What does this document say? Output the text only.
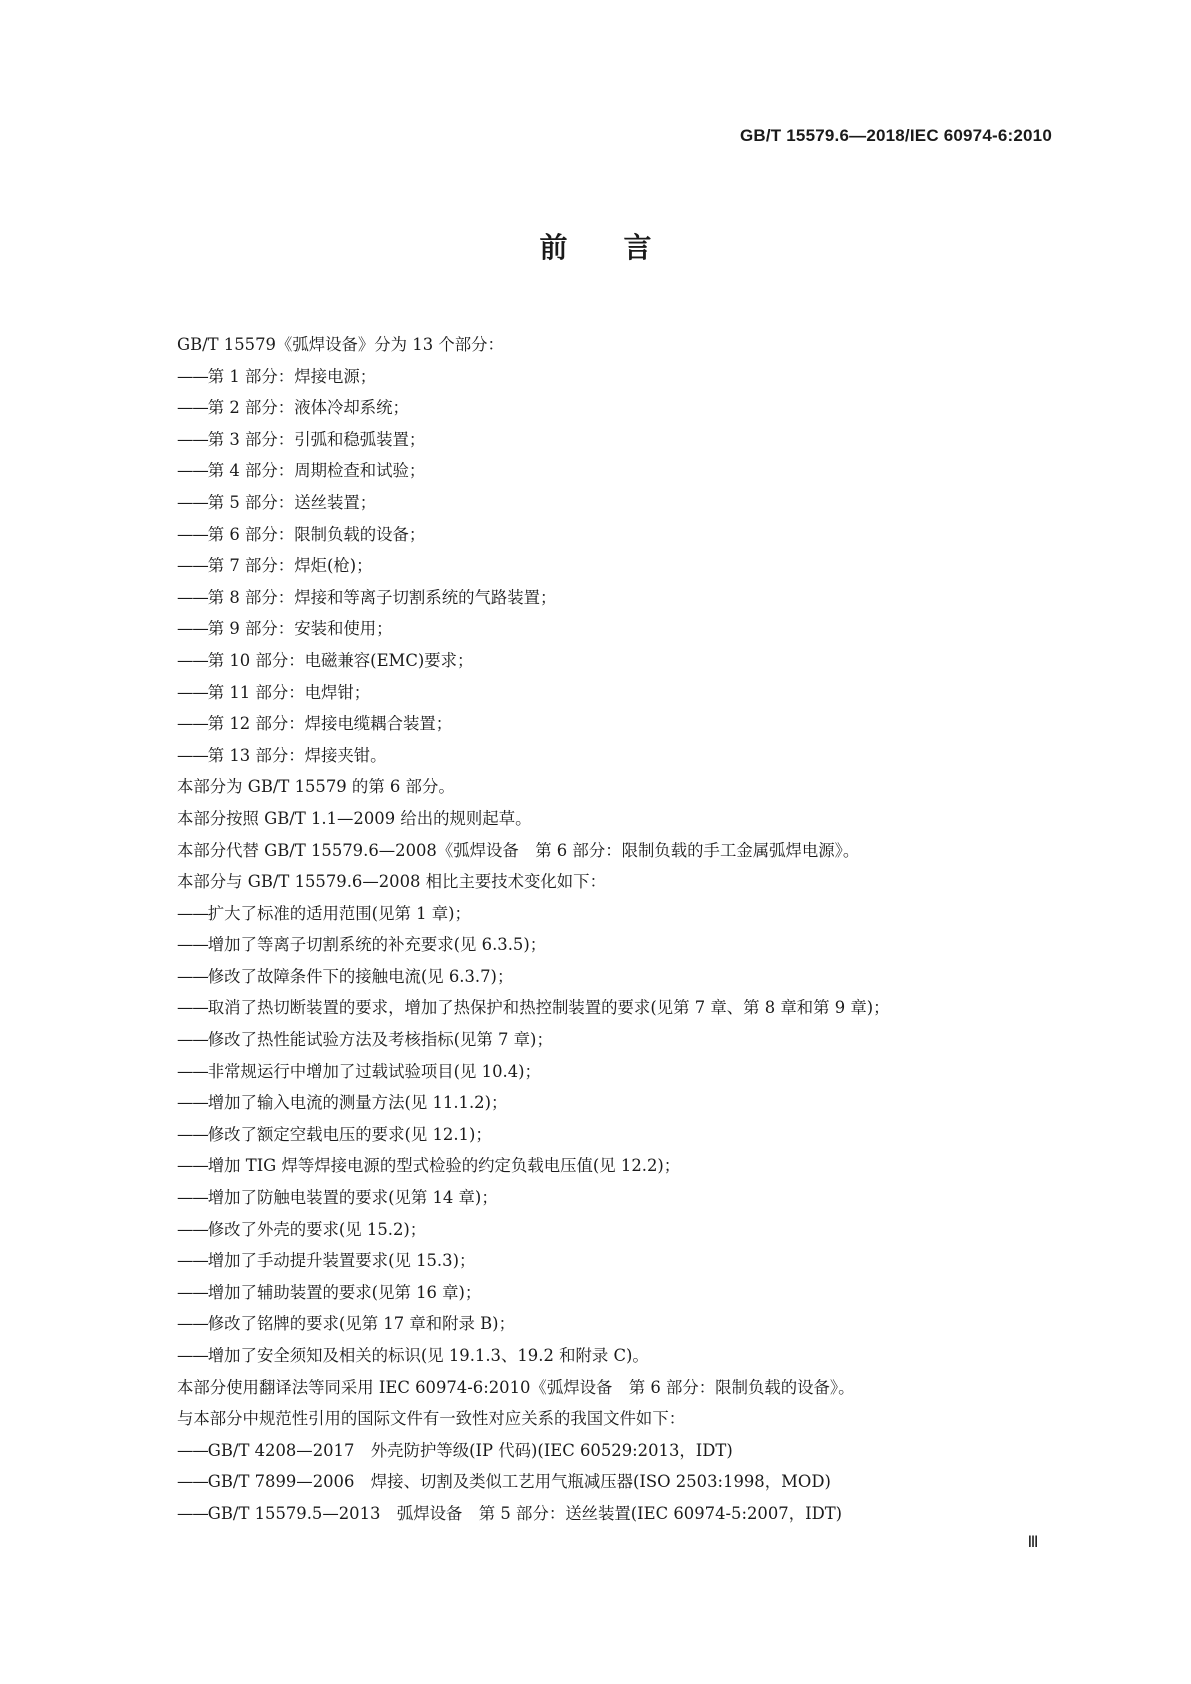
GB/T 15579.6—2018/IEC 60974-6:2010
前言
GB/T 15579《弧焊设备》分为 13 个部分：
—— 第 1 部分：焊接电源；
—— 第 2 部分：液体冷却系统；
—— 第 3 部分：引弧和稳弧装置；
—— 第 4 部分：周期检查和试验；
—— 第 5 部分：送丝装置；
—— 第 6 部分：限制负载的设备；
—— 第 7 部分：焊炬(枪)；
—— 第 8 部分：焊接和等离子切割系统的气路装置；
—— 第 9 部分：安装和使用；
—— 第 10 部分：电磁兼容(EMC)要求；
—— 第 11 部分：电焊钳；
—— 第 12 部分：焊接电缆耦合装置；
—— 第 13 部分：焊接夹钳。
本部分为 GB/T 15579 的第 6 部分。
本部分按照 GB/T 1.1—2009 给出的规则起草。
本部分代替 GB/T 15579.6—2008《弧焊设备　第 6 部分：限制负载的手工金属弧焊电源》。
本部分与 GB/T 15579.6—2008 相比主要技术变化如下：
—— 扩大了标准的适用范围(见第 1 章)；
—— 增加了等离子切割系统的补充要求(见 6.3.5)；
—— 修改了故障条件下的接触电流(见 6.3.7)；
—— 取消了热切断装置的要求，增加了热保护和热控制装置的要求(见第 7 章、第 8 章和第 9 章)；
—— 修改了热性能试验方法及考核指标(见第 7 章)；
—— 非常规运行中增加了过载试验项目(见 10.4)；
—— 增加了输入电流的测量方法(见 11.1.2)；
—— 修改了额定空载电压的要求(见 12.1)；
—— 增加 TIG 焊等焊接电源的型式检验的约定负载电压值(见 12.2)；
—— 增加了防触电装置的要求(见第 14 章)；
—— 修改了外壳的要求(见 15.2)；
—— 增加了手动提升装置要求(见 15.3)；
—— 增加了辅助装置的要求(见第 16 章)；
—— 修改了铭牌的要求(见第 17 章和附录 B)；
—— 增加了安全须知及相关的标识(见 19.1.3、19.2 和附录 C)。
本部分使用翻译法等同采用 IEC 60974-6:2010《弧焊设备　第 6 部分：限制负载的设备》。
与本部分中规范性引用的国际文件有一致性对应关系的我国文件如下：
—— GB/T 4208—2017　外壳防护等级(IP 代码)(IEC 60529:2013，IDT)
—— GB/T 7899—2006　焊接、切割及类似工艺用气瓶减压器(ISO 2503:1998，MOD)
—— GB/T 15579.5—2013　弧焊设备　第 5 部分：送丝装置(IEC 60974-5:2007，IDT)
Ⅲ
